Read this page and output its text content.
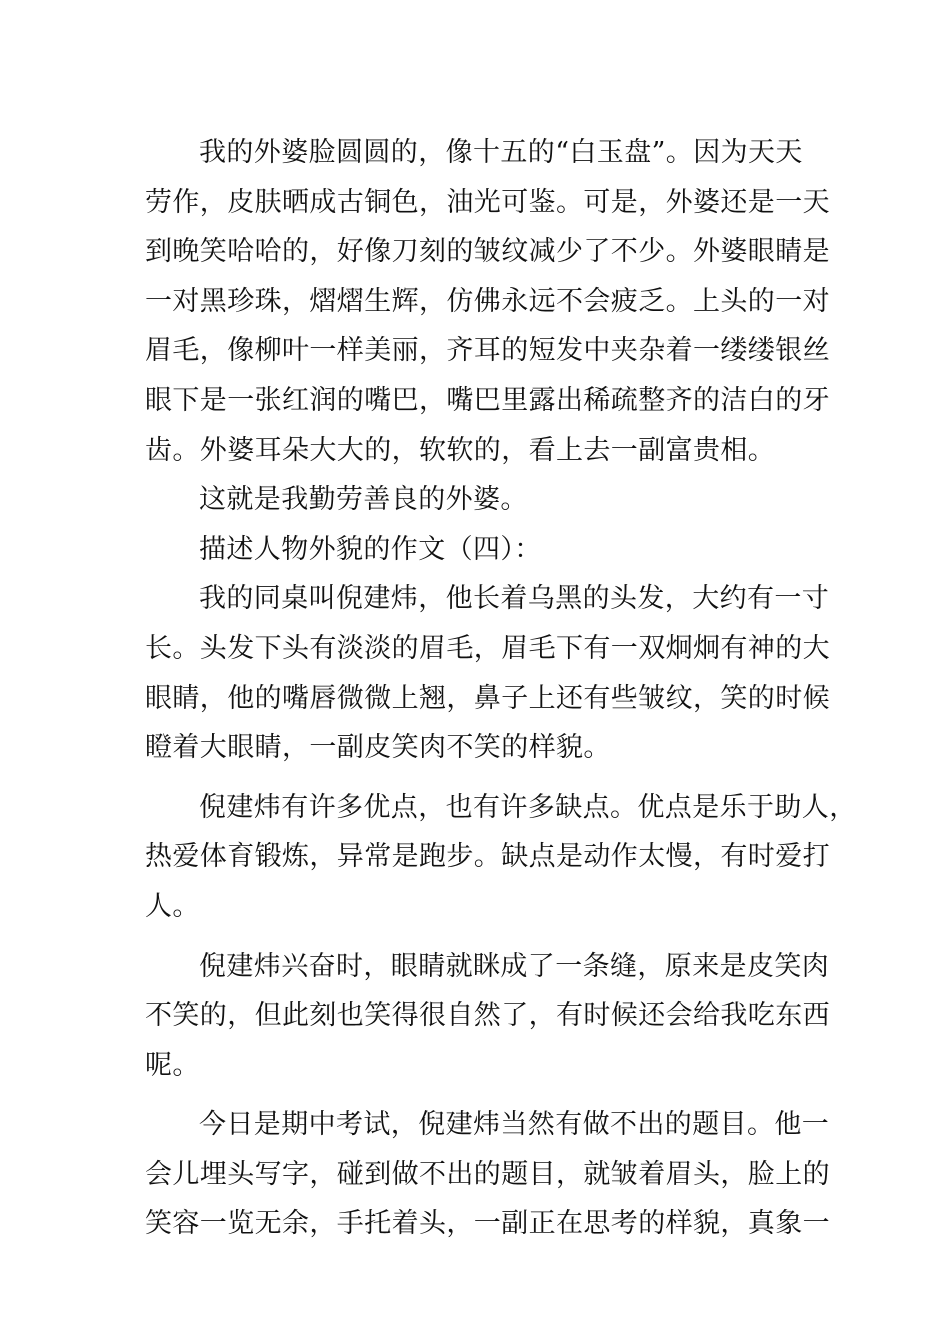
我的外婆脸圆圆的，像十五的“白玉盘”。因为天天
劳作，皮肤晒成古铜色，油光可鉴。可是，外婆还是一天
到晚笑哈哈的，好像刀刻的皱纹减少了不少。外婆眼睛是
一对黑珍珠，熠熠生辉，仿佛永远不会疲乏。上头的一对
眉毛，像柳叶一样美丽，齐耳的短发中夹杂着一缕缕银丝
眼下是一张红润的嘴巴，嘴巴里露出稀疏整齐的洁白的牙
齿。外婆耳朵大大的，软软的，看上去一副富贵相。
这就是我勤劳善良的外婆。
描述人物外貌的作文（四）：
我的同桌叫倪建炜，他长着乌黑的头发，大约有一寸
长。头发下头有淡淡的眉毛，眉毛下有一双炯炯有神的大
眼睛，他的嘴唇微微上翘，鼻子上还有些皱纹，笑的时候
瞪着大眼睛，一副皮笑肉不笑的样貌。
倪建炜有许多优点，也有许多缺点。优点是乐于助人，
热爱体育锻炼，异常是跑步。缺点是动作太慢，有时爱打
人。
倪建炜兴奋时，眼睛就眯成了一条缝，原来是皮笑肉
不笑的，但此刻也笑得很自然了，有时候还会给我吃东西
呢。
今日是期中考试，倪建炜当然有做不出的题目。他一
会儿埋头写字，碰到做不出的题目，就皱着眉头，脸上的
笑容一览无余，手托着头，一副正在思考的样貌，真象一
